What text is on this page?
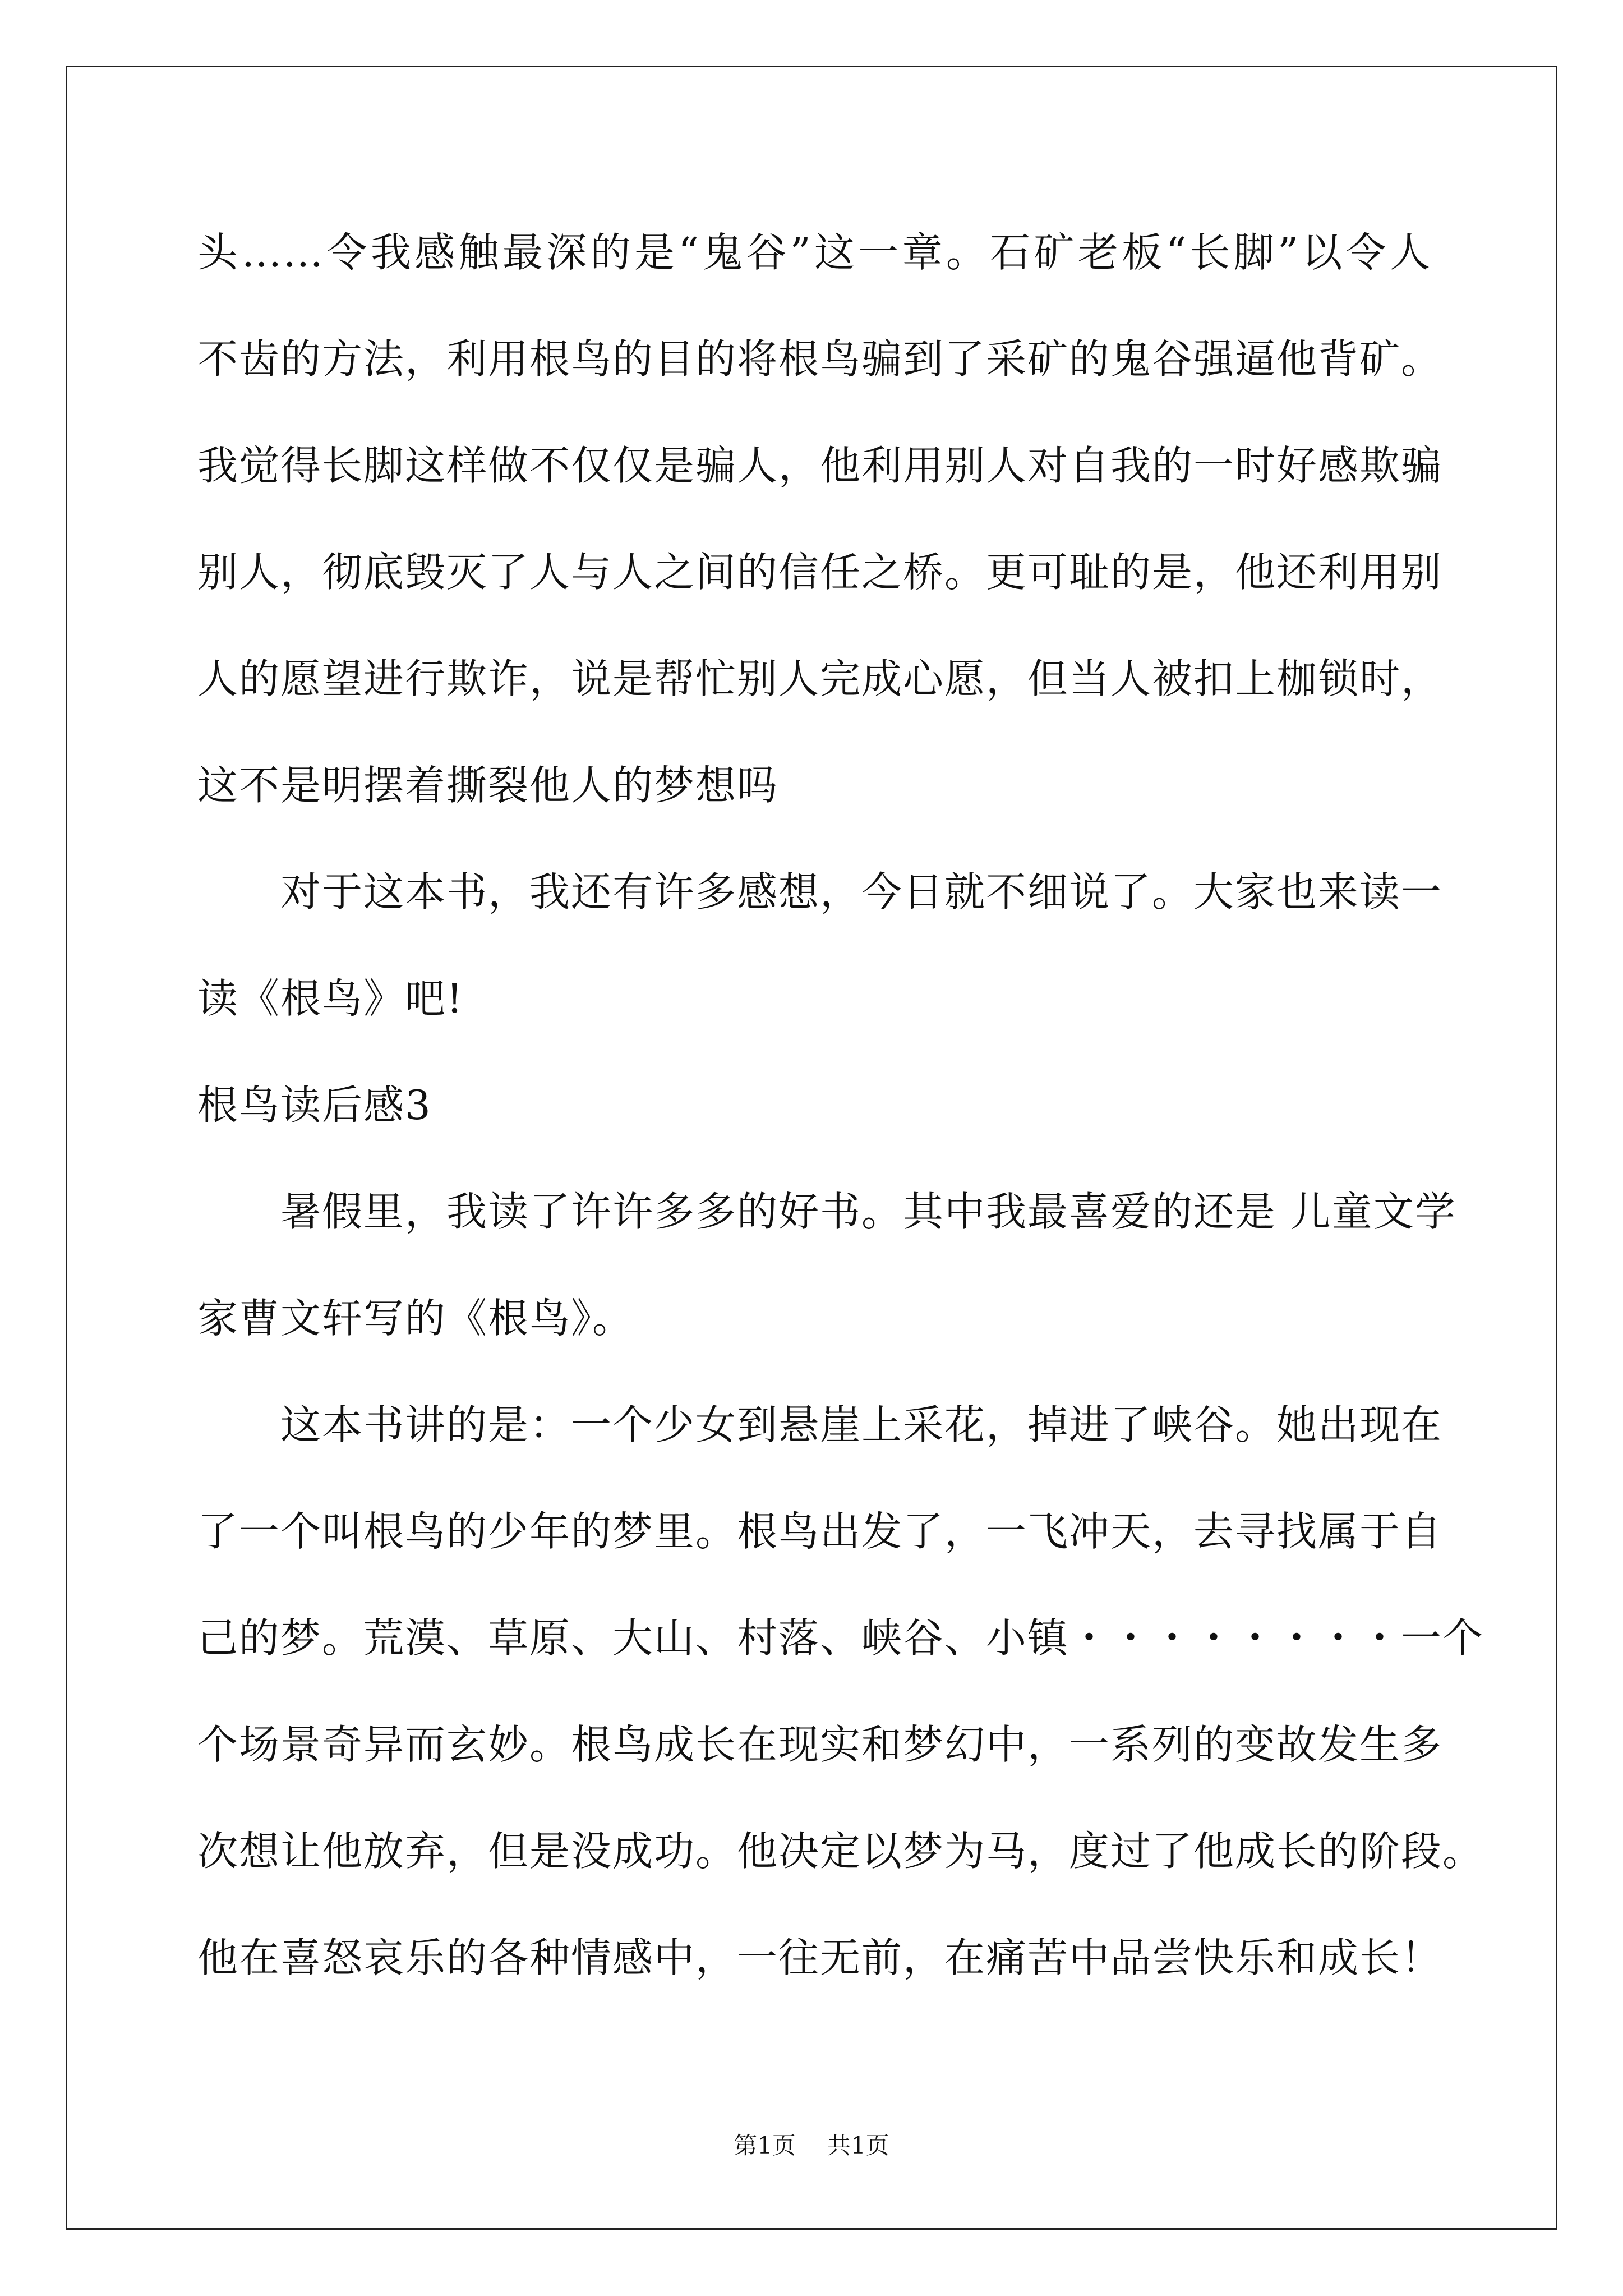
头……令我感触最深的是“鬼谷”这一章。石矿老板“长脚”以令人
不齿的方法，利用根鸟的目的将根鸟骗到了采矿的鬼谷强逼他背矿。
我觉得长脚这样做不仅仅是骗人，他利用别人对自我的一时好感欺骗
别人，彻底毁灭了人与人之间的信任之桥。更可耻的是，他还利用别
人的愿望进行欺诈，说是帮忙别人完成心愿，但当人被扣上枷锁时，
这不是明摆着撕裂他人的梦想吗
对于这本书，我还有许多感想，今日就不细说了。大家也来读一
读《根鸟》吧!
根鸟读后感3
暑假里，我读了许许多多的好书。其中我最喜爱的还是 儿童文学
家曹文轩写的《根鸟》。
这本书讲的是：一个少女到悬崖上采花，掉进了峡谷。她出现在
了一个叫根鸟的少年的梦里。根鸟出发了，一飞冲天，去寻找属于自
己的梦。荒漠、草原、大山、村落、峡谷、小镇・・・・・・・・一个
个场景奇异而玄妙。根鸟成长在现实和梦幻中，一系列的变故发生多
次想让他放弃，但是没成功。他决定以梦为马，度过了他成长的阶段。
他在喜怒哀乐的各种情感中，一往无前，在痛苦中品尝快乐和成长！
第1页 共1页
